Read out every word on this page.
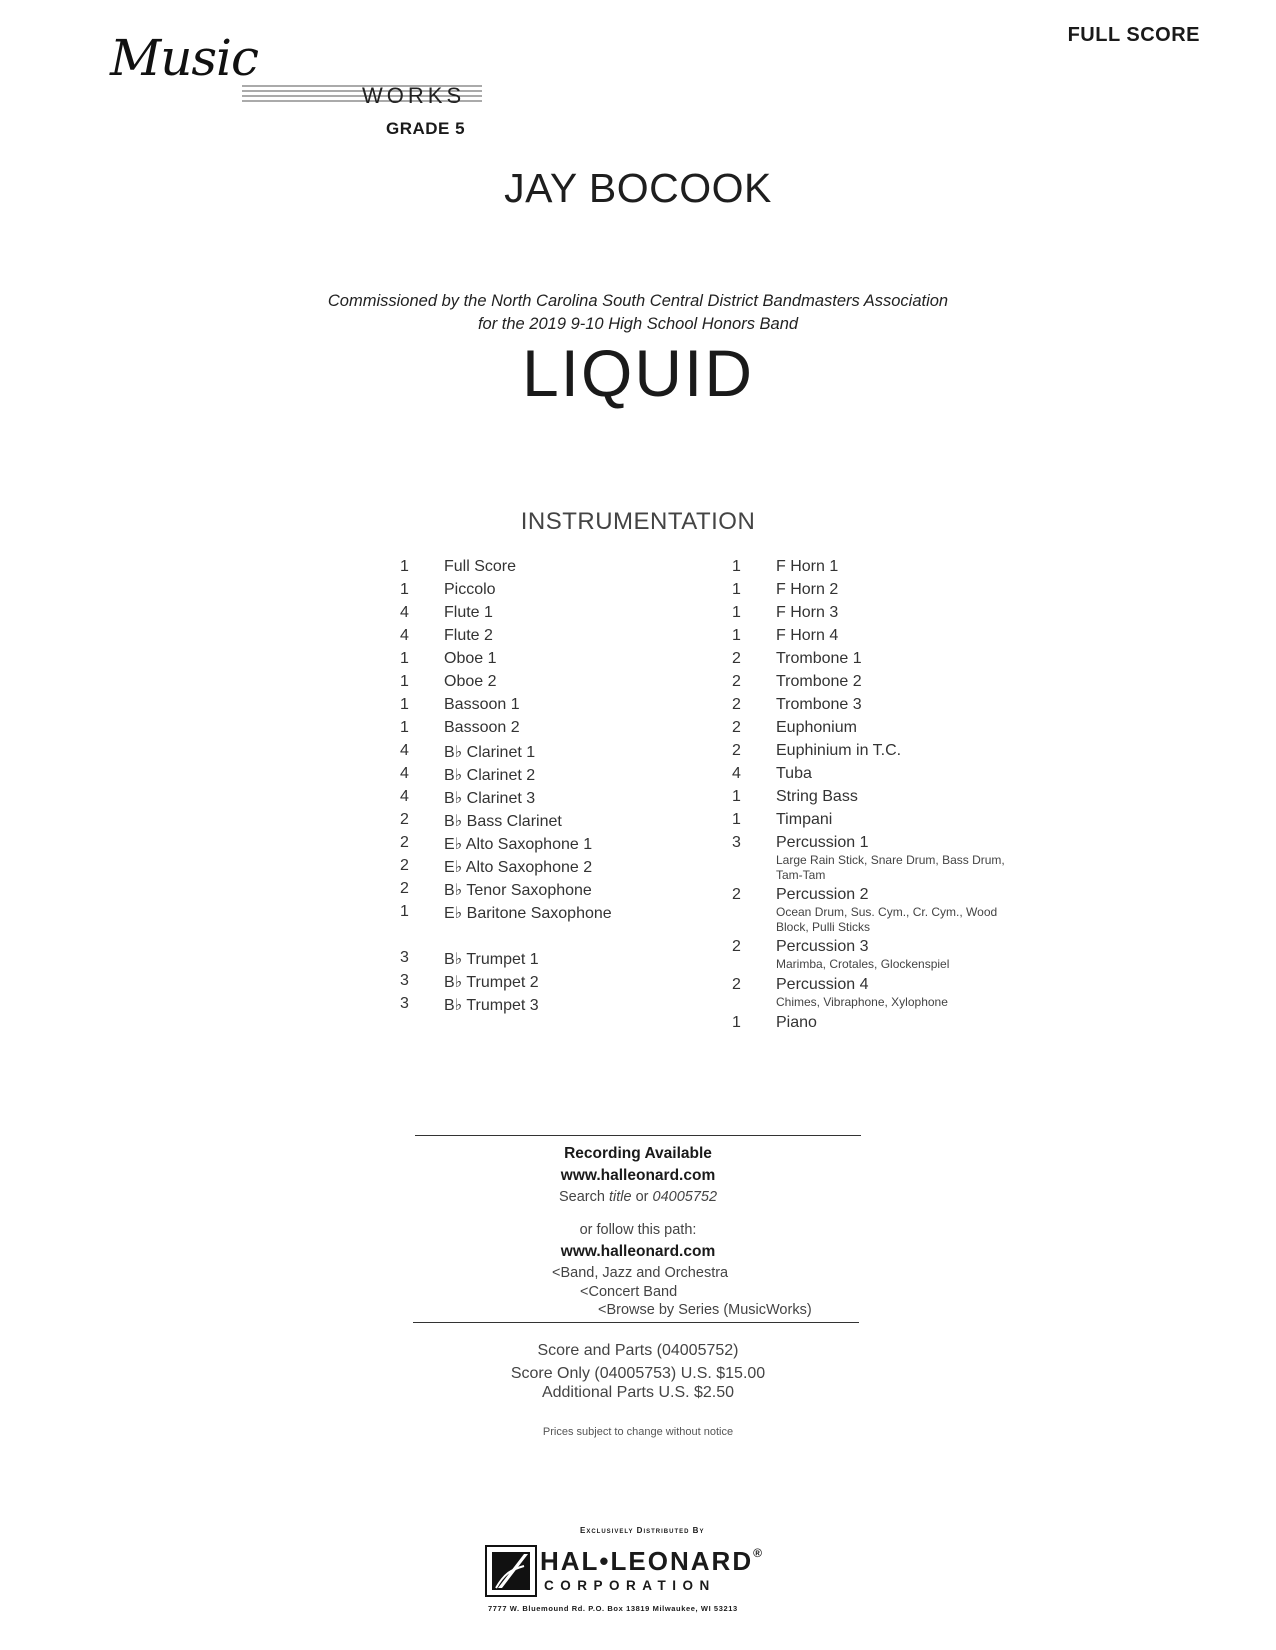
Music
WORKS
GRADE 5
FULL SCORE
JAY BOCOOK
Commissioned by the North Carolina South Central District Bandmasters Association
for the 2019 9-10 High School Honors Band
LIQUID
INSTRUMENTATION
1 Full Score
1 Piccolo
4 Flute 1
4 Flute 2
1 Oboe 1
1 Oboe 2
1 Bassoon 1
1 Bassoon 2
4 B♭ Clarinet 1
4 B♭ Clarinet 2
4 B♭ Clarinet 3
2 B♭ Bass Clarinet
2 E♭ Alto Saxophone 1
2 E♭ Alto Saxophone 2
2 B♭ Tenor Saxophone
1 E♭ Baritone Saxophone
3 B♭ Trumpet 1
3 B♭ Trumpet 2
3 B♭ Trumpet 3
1 F Horn 1
1 F Horn 2
1 F Horn 3
1 F Horn 4
2 Trombone 1
2 Trombone 2
2 Trombone 3
2 Euphonium
2 Euphinium in T.C.
4 Tuba
1 String Bass
1 Timpani
3 Percussion 1
Large Rain Stick, Snare Drum, Bass Drum, Tam-Tam
2 Percussion 2
Ocean Drum, Sus. Cym., Cr. Cym., Wood Block, Pulli Sticks
2 Percussion 3
Marimba, Crotales, Glockenspiel
2 Percussion 4
Chimes, Vibraphone, Xylophone
1 Piano
Recording Available
www.halleonard.com
Search title or 04005752
or follow this path:
www.halleonard.com
<Band, Jazz and Orchestra
<Concert Band
<Browse by Series (MusicWorks)
Score and Parts (04005752)
Score Only (04005753) U.S. $15.00
Additional Parts U.S. $2.50
Prices subject to change without notice
Exclusively Distributed By
HAL•LEONARD®
CORPORATION
7777 W. Bluemound Rd. P.O. Box 13819 Milwaukee, WI 53213
